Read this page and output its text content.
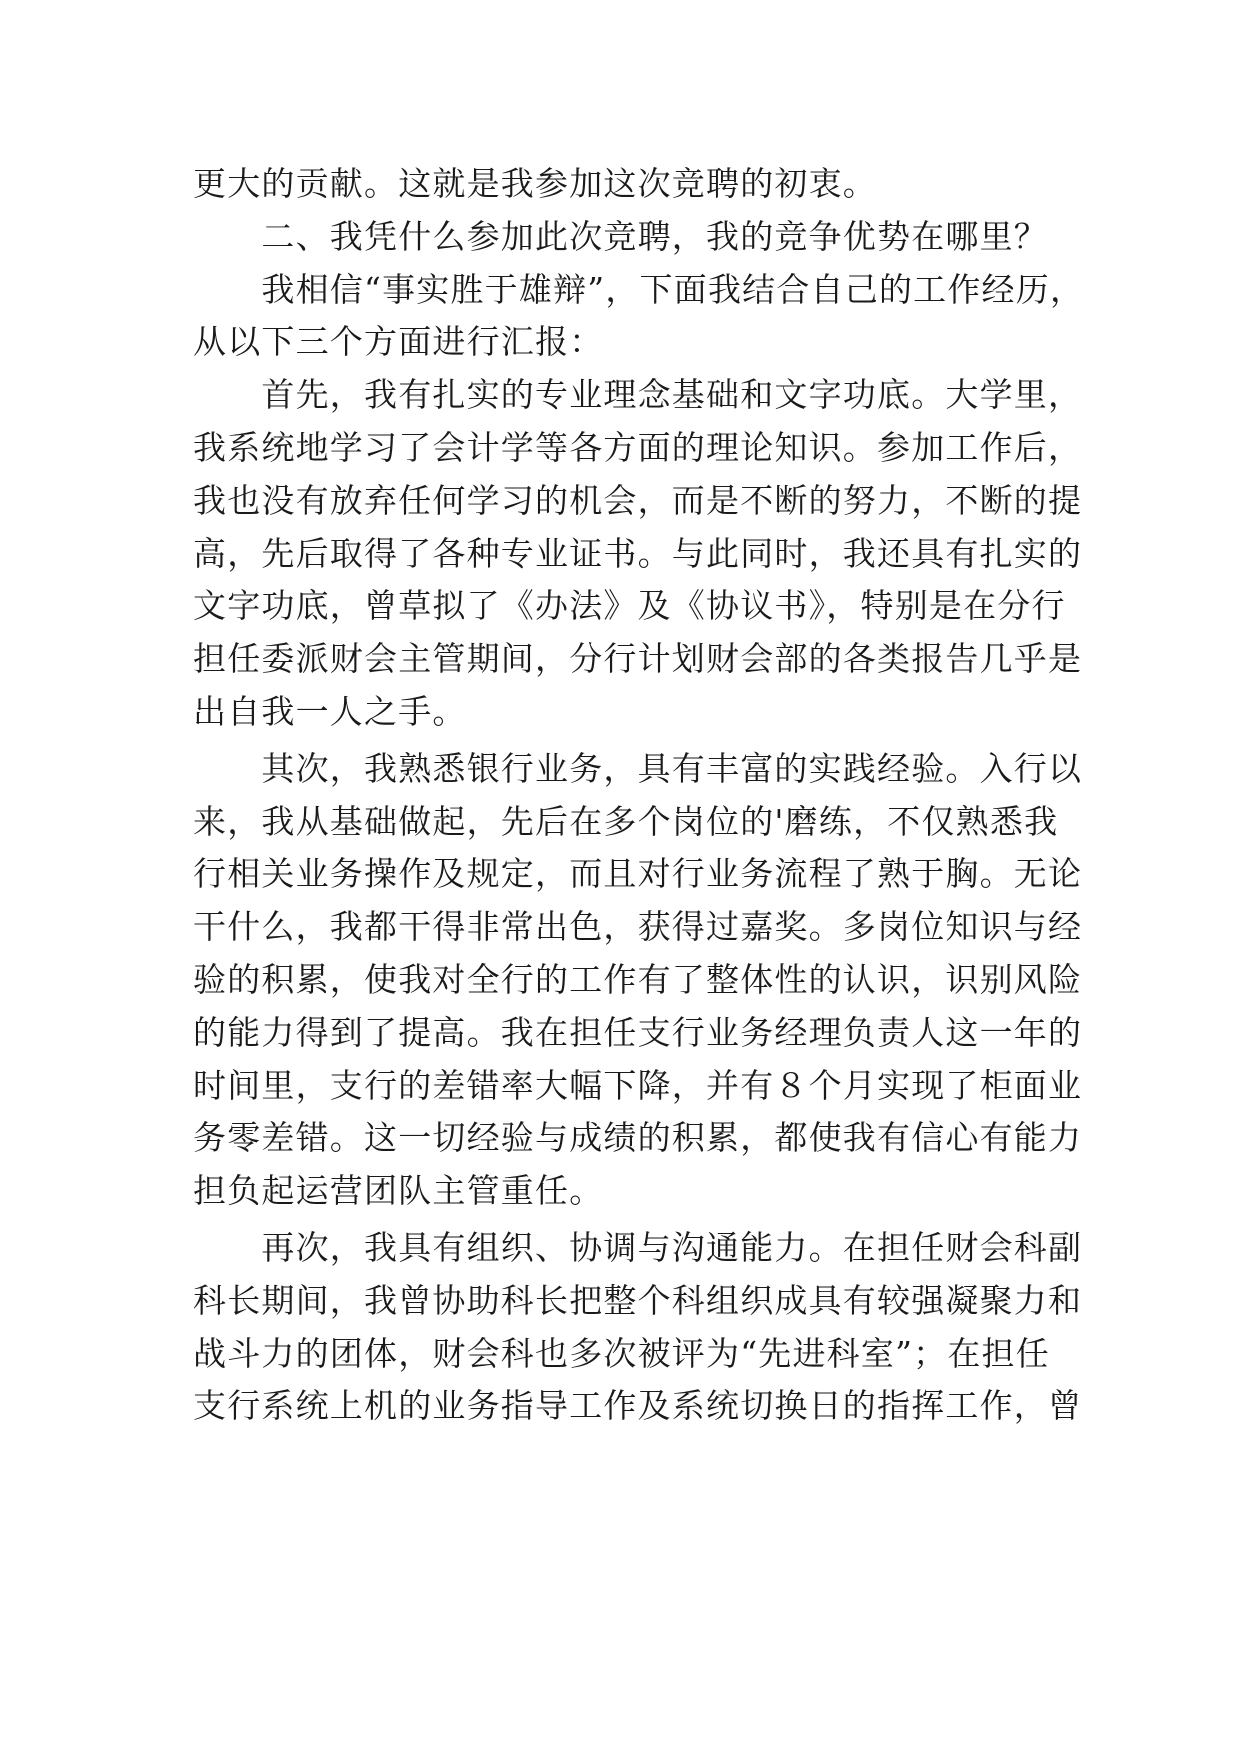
更大的贡献。这就是我参加这次竞聘的初衷。
　　二、我凭什么参加此次竞聘，我的竞争优势在哪里？
　　我相信“事实胜于雄辩”，下面我结合自己的工作经历，
从以下三个方面进行汇报：
　　首先，我有扎实的专业理念基础和文字功底。大学里，
我系统地学习了会计学等各方面的理论知识。参加工作后，
我也没有放弃任何学习的机会，而是不断的努力，不断的提
高，先后取得了各种专业证书。与此同时，我还具有扎实的
文字功底，曾草拟了《办法》及《协议书》，特别是在分行
担任委派财会主管期间，分行计划财会部的各类报告几乎是
出自我一人之手。
　　其次，我熟悉银行业务，具有丰富的实践经验。入行以
来，我从基础做起，先后在多个岗位的'磨练，不仅熟悉我
行相关业务操作及规定，而且对行业务流程了熟于胸。无论
干什么，我都干得非常出色，获得过嘉奖。多岗位知识与经
验的积累，使我对全行的工作有了整体性的认识，识别风险
的能力得到了提高。我在担任支行业务经理负责人这一年的
时间里，支行的差错率大幅下降，并有８个月实现了柜面业
务零差错。这一切经验与成绩的积累，都使我有信心有能力
担负起运营团队主管重任。
　　再次，我具有组织、协调与沟通能力。在担任财会科副
科长期间，我曾协助科长把整个科组织成具有较强凝聚力和
战斗力的团体，财会科也多次被评为“先进科室”；在担任
支行系统上机的业务指导工作及系统切换日的指挥工作，曾
